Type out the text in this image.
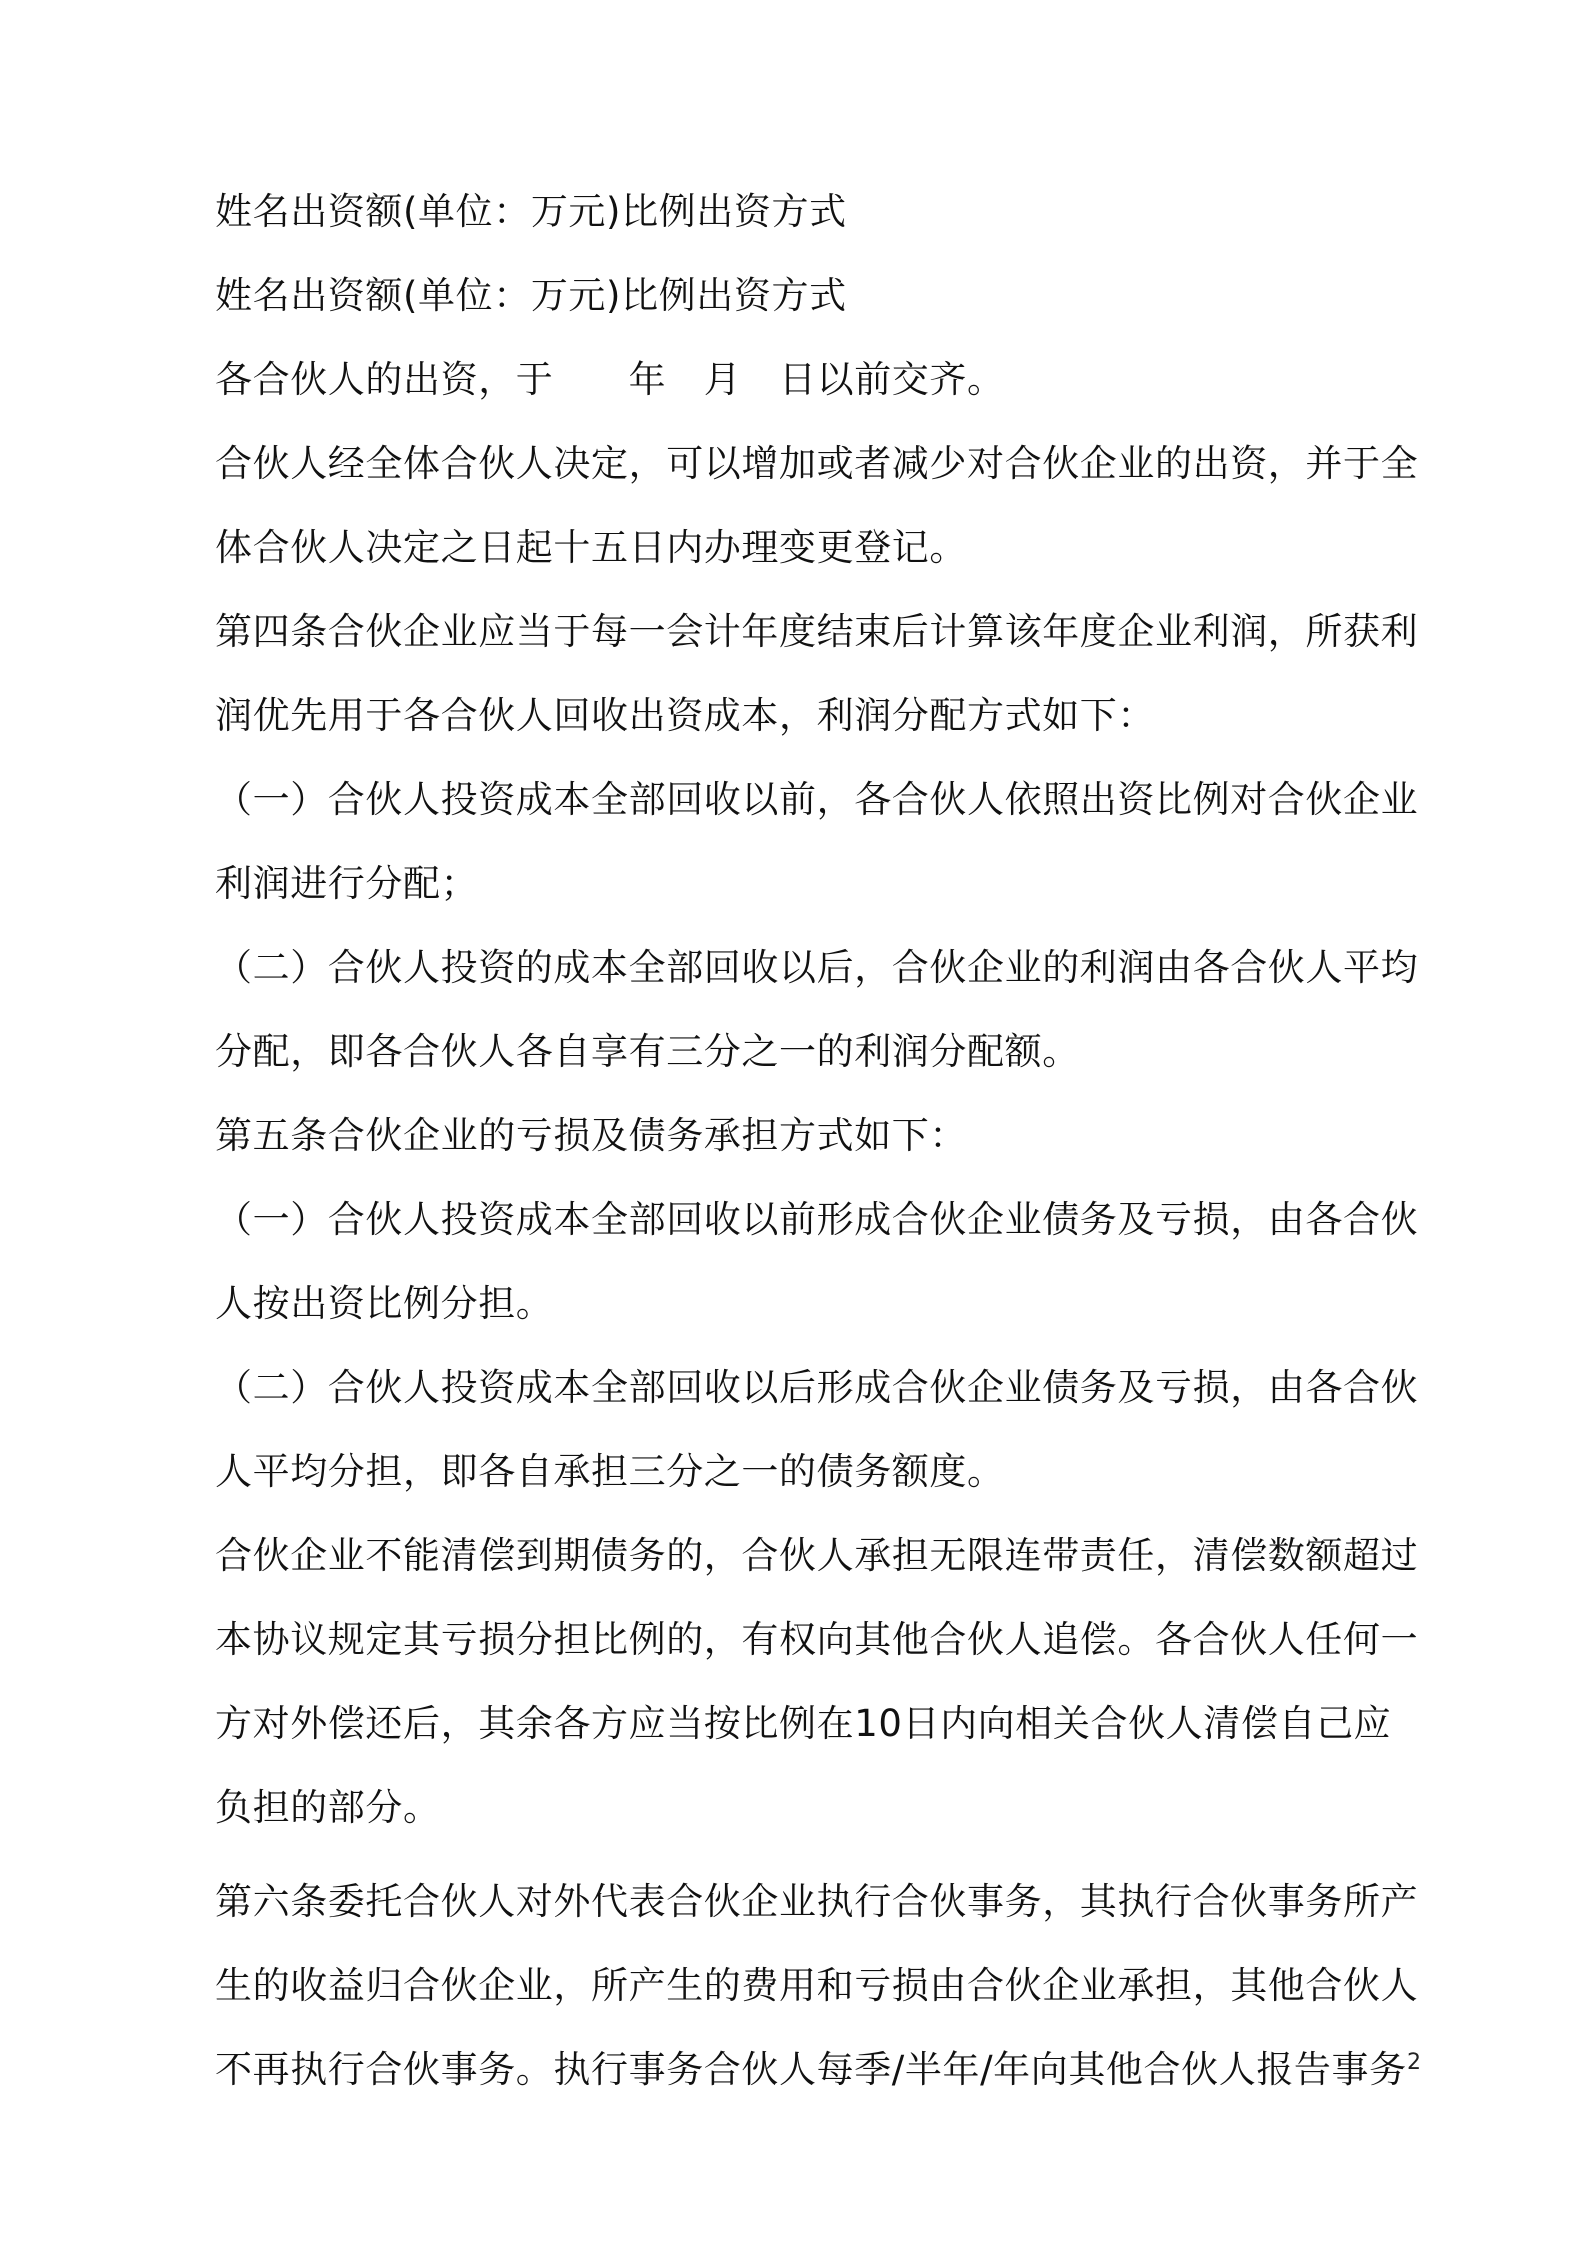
姓名出资额(单位：万元)比例出资方式

姓名出资额(单位：万元)比例出资方式

各合伙人的出资，于　　年　月　日以前交齐。

合伙人经全体合伙人决定，可以增加或者减少对合伙企业的出资，并于全体合伙人决定之日起十五日内办理变更登记。

第四条合伙企业应当于每一会计年度结束后计算该年度企业利润，所获利润优先用于各合伙人回收出资成本，利润分配方式如下：

（一）合伙人投资成本全部回收以前，各合伙人依照出资比例对合伙企业利润进行分配；

（二）合伙人投资的成本全部回收以后，合伙企业的利润由各合伙人平均分配，即各合伙人各自享有三分之一的利润分配额。

第五条合伙企业的亏损及债务承担方式如下：

（一）合伙人投资成本全部回收以前形成合伙企业债务及亏损，由各合伙人按出资比例分担。

（二）合伙人投资成本全部回收以后形成合伙企业债务及亏损，由各合伙人平均分担，即各自承担三分之一的债务额度。

合伙企业不能清偿到期债务的，合伙人承担无限连带责任，清偿数额超过本协议规定其亏损分担比例的，有权向其他合伙人追偿。各合伙人任何一方对外偿还后，其余各方应当按比例在10日内向相关合伙人清偿自己应负担的部分。

第六条委托合伙人对外代表合伙企业执行合伙事务，其执行合伙事务所产生的收益归合伙企业，所产生的费用和亏损由合伙企业承担，其他合伙人不再执行合伙事务。执行事务合伙人每季/半年/年向其他合伙人报告事务 2
